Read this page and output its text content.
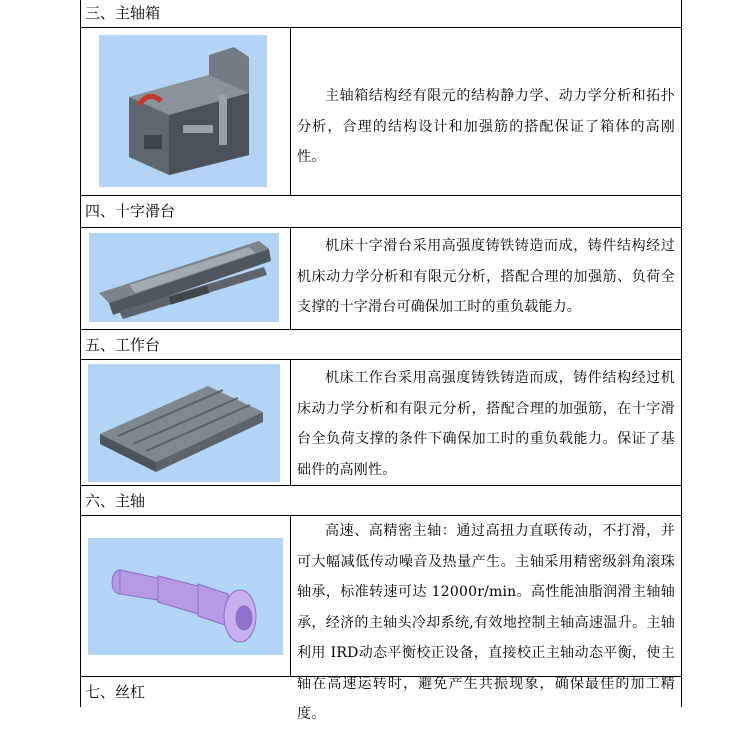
三、主轴箱
主轴箱结构经有限元的结构静力学、动力学分析和拓扑分析，合理的结构设计和加强筋的搭配保证了箱体的高刚性。
四、十字滑台
机床十字滑台采用高强度铸铁铸造而成，铸件结构经过机床动力学分析和有限元分析，搭配合理的加强筋、负荷全支撑的十字滑台可确保加工时的重负载能力。
五、工作台
机床工作台采用高强度铸铁铸造而成，铸件结构经过机床动力学分析和有限元分析，搭配合理的加强筋，在十字滑台全负荷支撑的条件下确保加工时的重负载能力。保证了基础件的高刚性。
六、主轴
高速、高精密主轴：通过高扭力直联传动，不打滑，并可大幅减低传动噪音及热量产生。主轴采用精密级斜角滚珠轴承，标准转速可达 12000r/min。高性能油脂润滑主轴轴承，经济的主轴头冷却系统,有效地控制主轴高速温升。主轴利用 IRD动态平衡校正设备，直接校正主轴动态平衡，使主轴在高速运转时，避免产生共振现象，确保最佳的加工精度。
七、丝杠
